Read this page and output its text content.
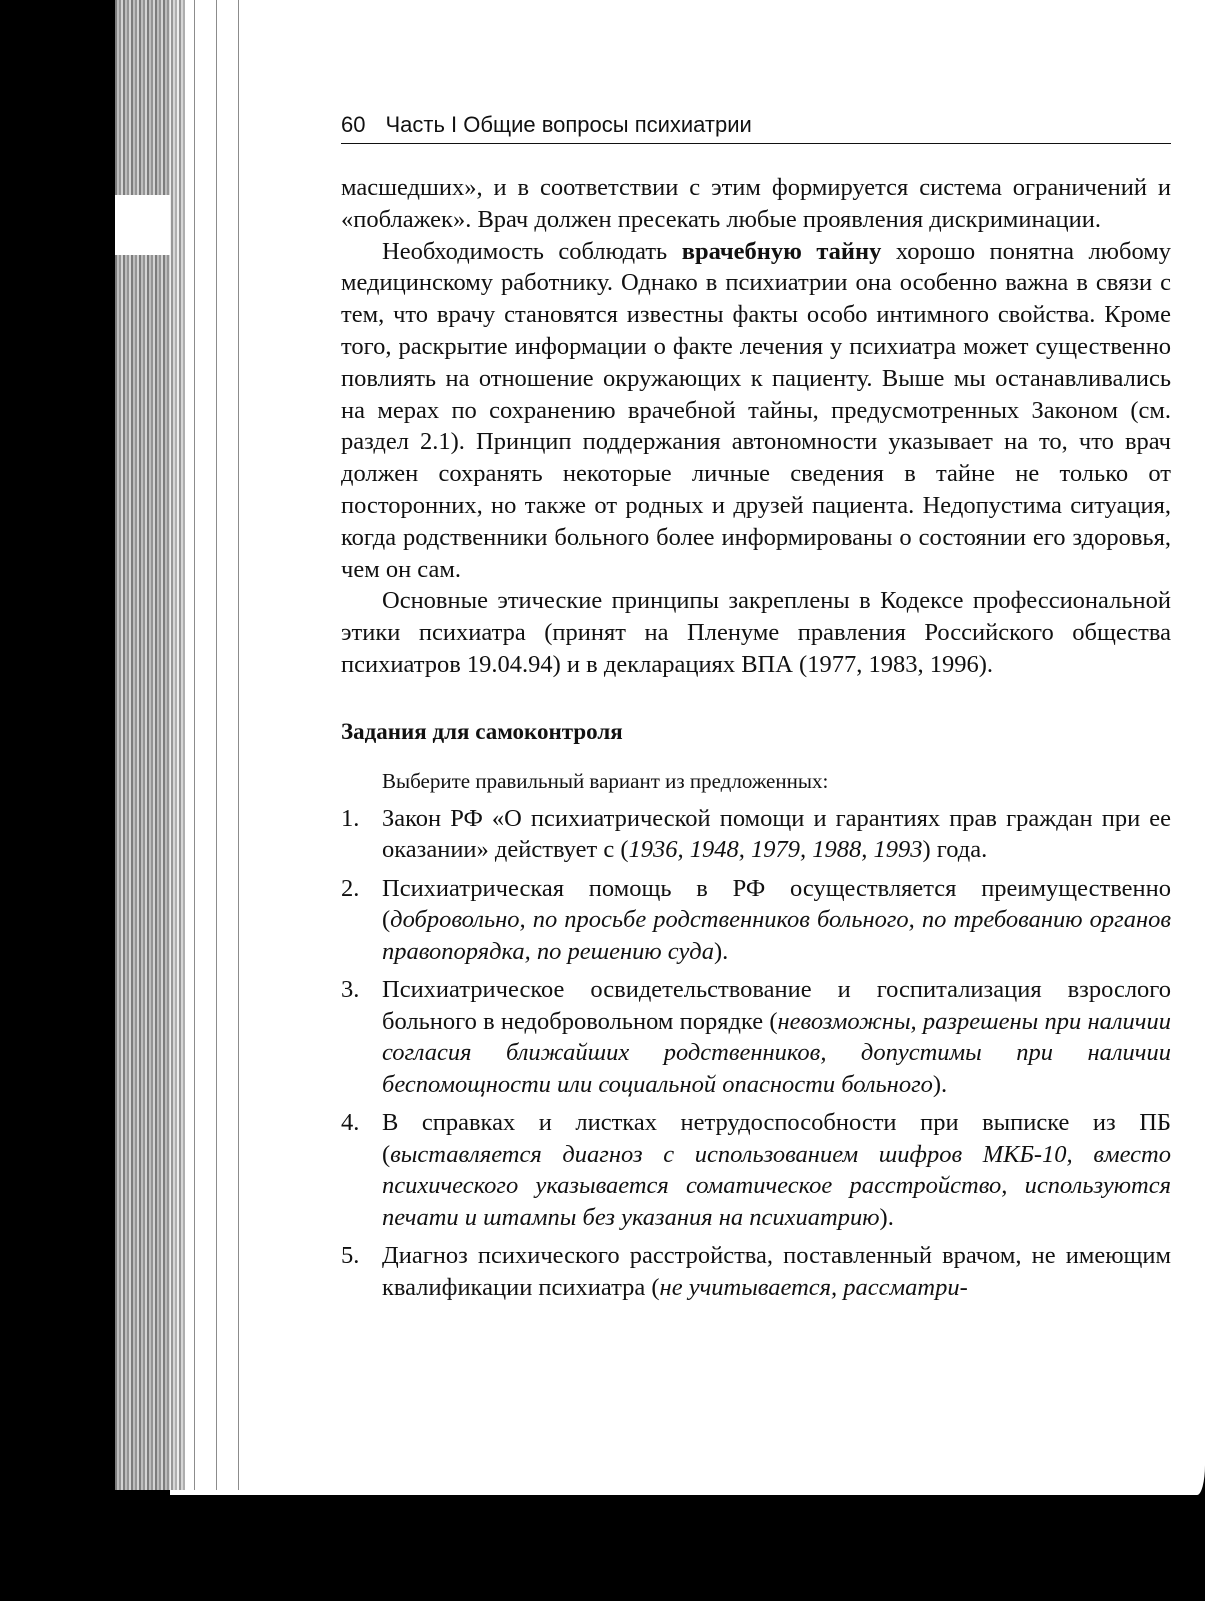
60 Часть I Общие вопросы психиатрии

масшедших», и в соответствии с этим формируется система ограничений и «поблажек». Врач должен пресекать любые проявления дискриминации.

Необходимость соблюдать врачебную тайну хорошо понятна любому медицинскому работнику. Однако в психиатрии она особенно важна в связи с тем, что врачу становятся известны факты особо интимного свойства. Кроме того, раскрытие информации о факте лечения у психиатра может существенно повлиять на отношение окружающих к пациенту. Выше мы останавливались на мерах по сохранению врачебной тайны, предусмотренных Законом (см. раздел 2.1). Принцип поддержания автономности указывает на то, что врач должен сохранять некоторые личные сведения в тайне не только от посторонних, но также от родных и друзей пациента. Недопустима ситуация, когда родственники больного более информированы о состоянии его здоровья, чем он сам.

Основные этические принципы закреплены в Кодексе профессиональной этики психиатра (принят на Пленуме правления Российского общества психиатров 19.04.94) и в декларациях ВПА (1977, 1983, 1996).

Задания для самоконтроля
Выберите правильный вариант из предложенных:
1. Закон РФ «О психиатрической помощи и гарантиях прав граждан при ее оказании» действует с (1936, 1948, 1979, 1988, 1993) года.
2. Психиатрическая помощь в РФ осуществляется преимущественно (добровольно, по просьбе родственников больного, по требованию органов правопорядка, по решению суда).
3. Психиатрическое освидетельствование и госпитализация взрослого больного в недобровольном порядке (невозможны, разрешены при наличии согласия ближайших родственников, допустимы при наличии беспомощности или социальной опасности больного).
4. В справках и листках нетрудоспособности при выписке из ПБ (выставляется диагноз с использованием шифров МКБ-10, вместо психического указывается соматическое расстройство, используются печати и штампы без указания на психиатрию).
5. Диагноз психического расстройства, поставленный врачом, не имеющим квалификации психиатра (не учитывается, рассматри-
